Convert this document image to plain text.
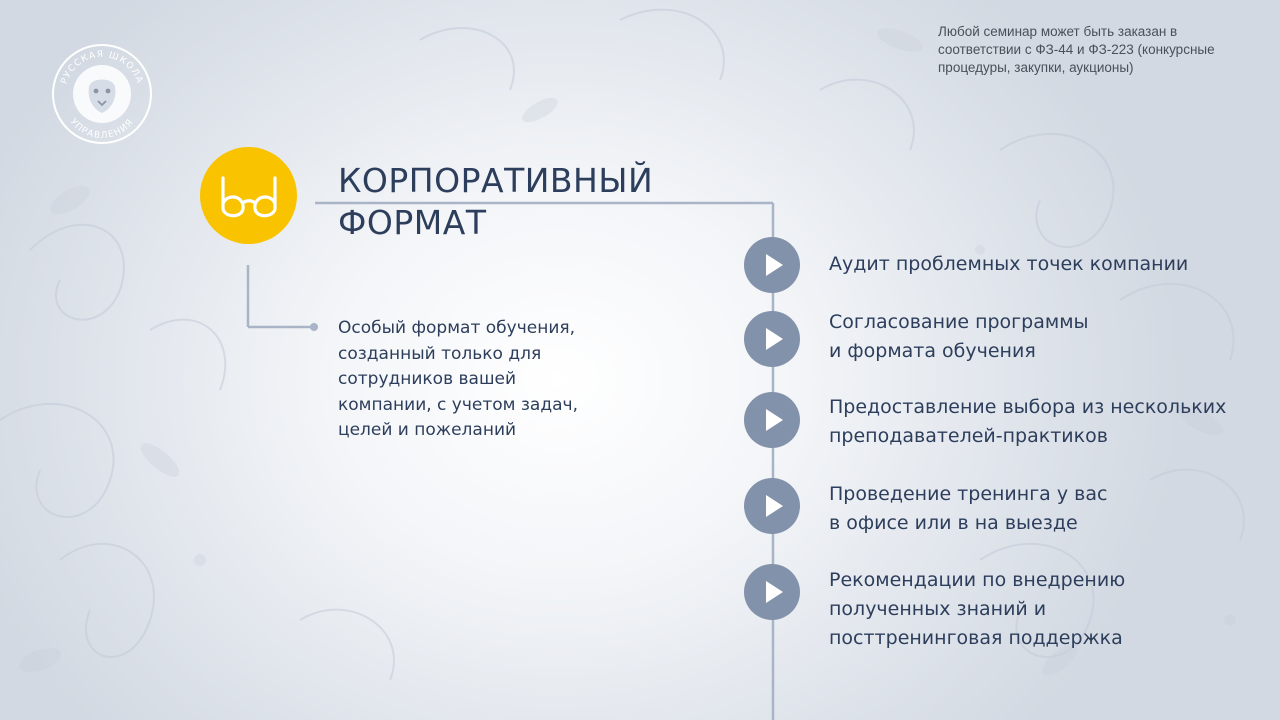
РУССКАЯ ШКОЛА
УПРАВЛЕНИЯ
Любой семинар может быть заказан в соответствии с ФЗ-44 и ФЗ-223 (конкурсные процедуры, закупки, аукционы)
КОРПОРАТИВНЫЙ
ФОРМАТ
Особый формат обучения,
созданный только для
сотрудников вашей
компании, с учетом задач,
целей и пожеланий
Аудит проблемных точек компании
Согласование программы
и формата обучения
Предоставление выбора из нескольких
преподавателей-практиков
Проведение тренинга у вас
в офисе или в на выезде
Рекомендации по внедрению
полученных знаний и
посттренинговая поддержка
